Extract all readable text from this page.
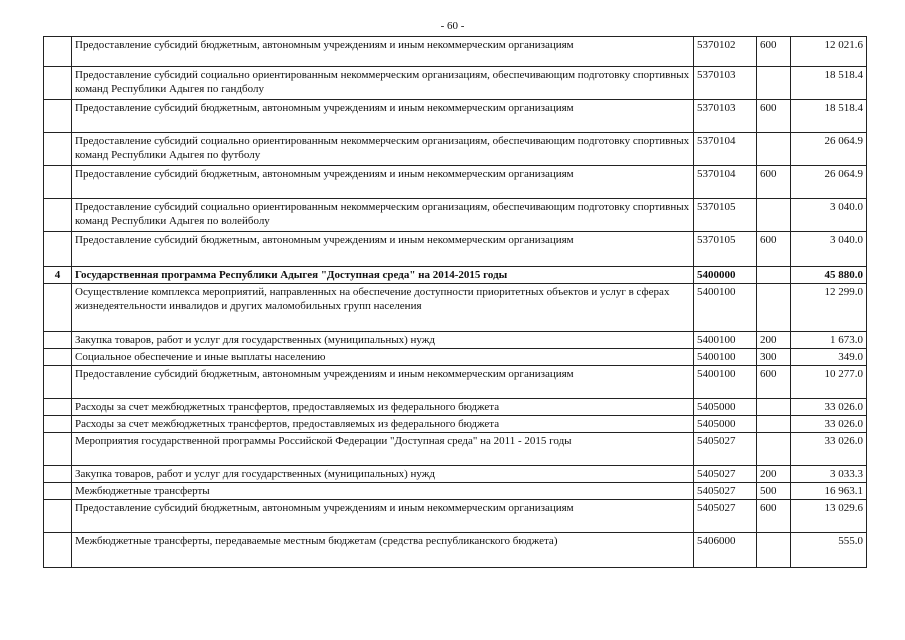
- 60 -
	Предоставление субсидий бюджетным, автономным учреждениям и иным некоммерческим организациям	5370102	600	12 021.6
	Предоставление субсидий социально ориентированным некоммерческим организациям, обеспечивающим подготовку спортивных команд Республики Адыгея по гандболу	5370103		18 518.4
	Предоставление субсидий бюджетным, автономным учреждениям и иным некоммерческим организациям	5370103	600	18 518.4
	Предоставление субсидий социально ориентированным некоммерческим организациям, обеспечивающим подготовку спортивных команд Республики Адыгея по футболу	5370104		26 064.9
	Предоставление субсидий бюджетным, автономным учреждениям и иным некоммерческим организациям	5370104	600	26 064.9
	Предоставление субсидий социально ориентированным некоммерческим организациям, обеспечивающим подготовку спортивных команд Республики Адыгея по волейболу	5370105		3 040.0
	Предоставление субсидий бюджетным, автономным учреждениям и иным некоммерческим организациям	5370105	600	3 040.0
4	Государственная программа Республики Адыгея "Доступная среда" на 2014-2015 годы	5400000		45 880.0
	Осуществление комплекса мероприятий, направленных на обеспечение доступности приоритетных объектов и услуг в сферах жизнедеятельности инвалидов и других маломобильных групп населения	5400100		12 299.0
	Закупка товаров, работ и услуг для государственных (муниципальных) нужд	5400100	200	1 673.0
	Социальное обеспечение и иные выплаты населению	5400100	300	349.0
	Предоставление субсидий бюджетным, автономным учреждениям и иным некоммерческим организациям	5400100	600	10 277.0
	Расходы за счет межбюджетных трансфертов, предоставляемых из федерального бюджета	5405000		33 026.0
	Расходы за счет межбюджетных трансфертов, предоставляемых из федерального бюджета	5405000		33 026.0
	Мероприятия государственной программы Российской Федерации "Доступная среда" на 2011 - 2015 годы	5405027		33 026.0
	Закупка товаров, работ и услуг для государственных (муниципальных) нужд	5405027	200	3 033.3
	Межбюджетные трансферты	5405027	500	16 963.1
	Предоставление субсидий бюджетным, автономным учреждениям и иным некоммерческим организациям	5405027	600	13 029.6
	Межбюджетные трансферты, передаваемые местным бюджетам (средства республиканского бюджета)	5406000		555.0
